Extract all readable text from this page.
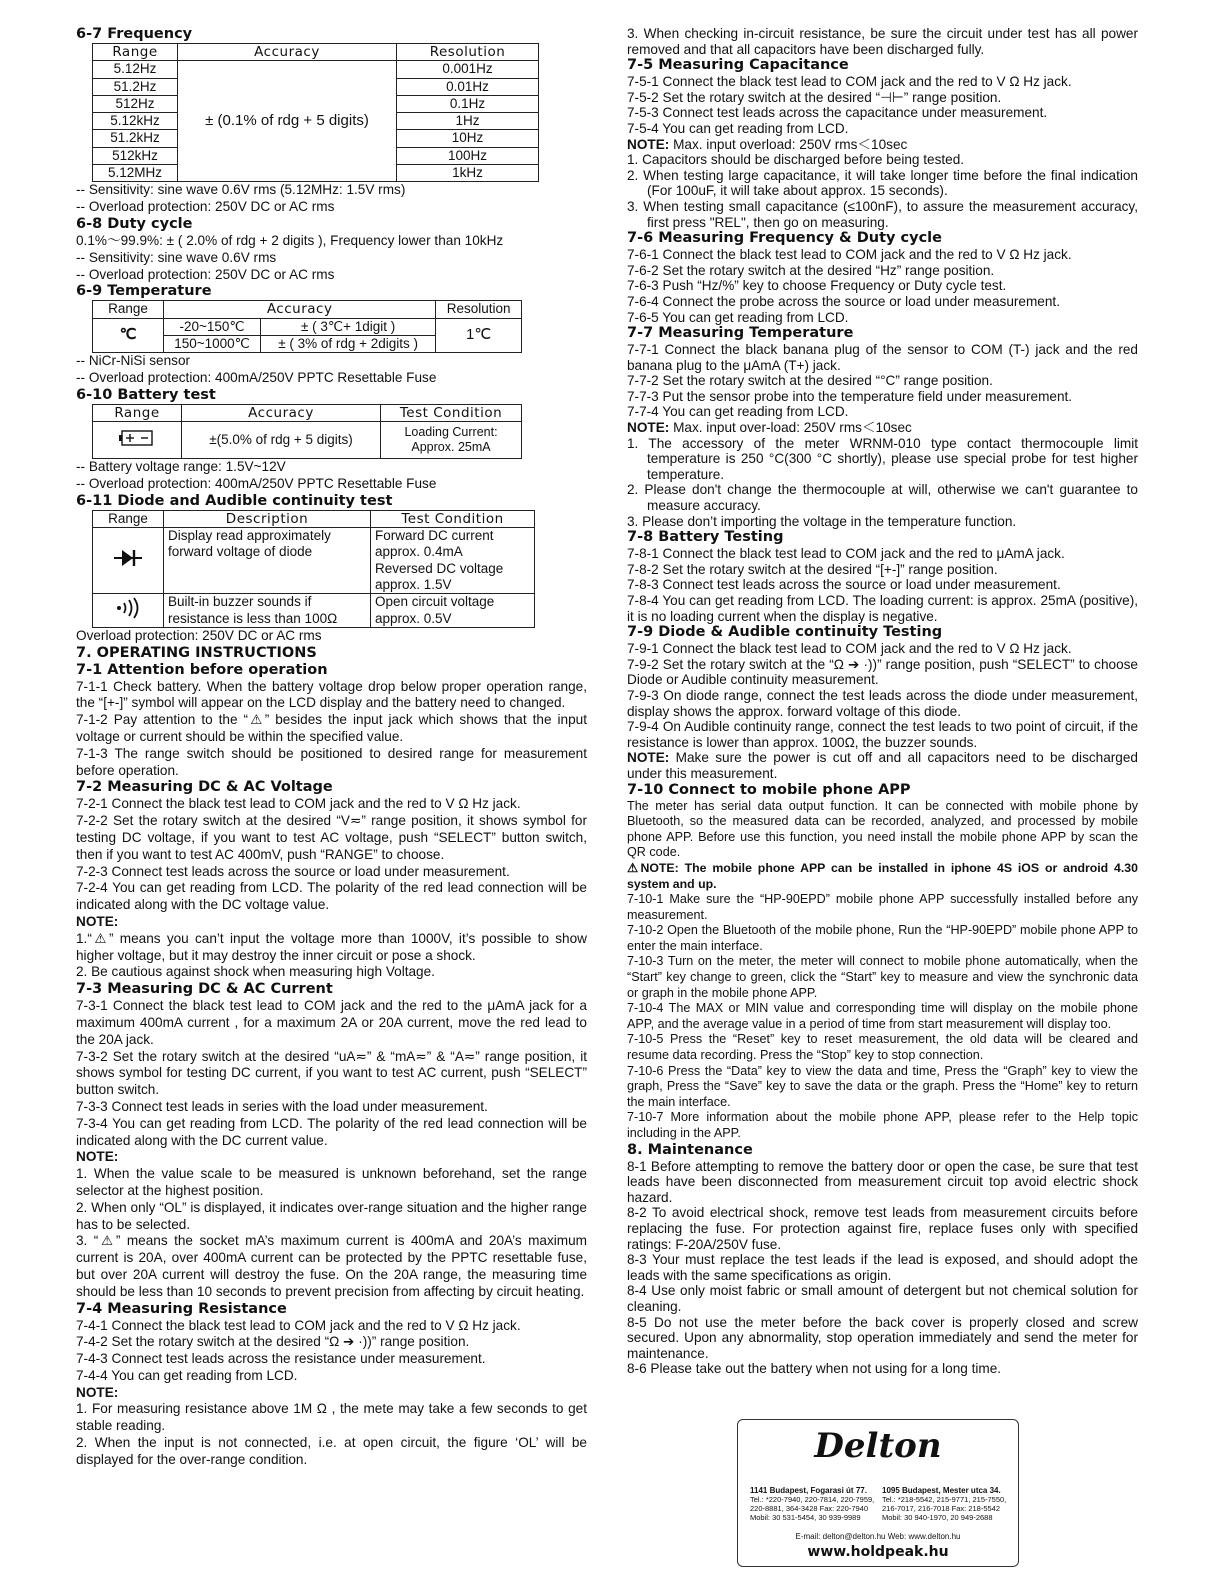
6-7 Frequency

Range	Accuracy	Resolution
5.12Hz	± (0.1% of rdg + 5 digits)	0.001Hz
51.2Hz		0.01Hz
512Hz		0.1Hz
5.12kHz		1Hz
51.2kHz		10Hz
512kHz		100Hz
5.12MHz		1kHz

-- Sensitivity: sine wave 0.6V rms (5.12MHz: 1.5V rms)

-- Overload protection: 250V DC or AC rms

6-8 Duty cycle

0.1%～99.9%: ± ( 2.0% of rdg + 2 digits ), Frequency lower than 10kHz

-- Sensitivity: sine wave 0.6V rms

-- Overload protection: 250V DC or AC rms

6-9 Temperature

Range	Accuracy		Resolution
℃	-20~150℃	± ( 3℃+ 1digit )	1℃
	150~1000℃	± ( 3% of rdg + 2digits )	

-- NiCr-NiSi sensor

-- Overload protection: 400mA/250V PPTC Resettable Fuse

6-10 Battery test

Range	Accuracy	Test Condition
	±(5.0% of rdg + 5 digits)	Loading Current:
Approx. 25mA

-- Battery voltage range: 1.5V~12V

-- Overload protection: 400mA/250V PPTC Resettable Fuse

6-11 Diode and Audible continuity test

Range	Description	Test Condition
	Display read approximately
forward voltage of diode	Forward DC current
approx. 0.4mA
Reversed DC voltage
approx. 1.5V
	Built-in buzzer sounds if
resistance is less than 100Ω	Open circuit voltage
approx. 0.5V

Overload protection: 250V DC or AC rms

7. OPERATING INSTRUCTIONS

7-1 Attention before operation

7-1-1 Check battery. When the battery voltage drop below proper operation range, the “[+-]” symbol will appear on the LCD display and the battery need to changed.

7-1-2 Pay attention to the “⚠” besides the input jack which shows that the input voltage or current should be within the specified value.

7-1-3 The range switch should be positioned to desired range for measurement before operation.

7-2 Measuring DC & AC Voltage

7-2-1 Connect the black test lead to COM jack and the red to V Ω Hz jack.

7-2-2 Set the rotary switch at the desired “V≂” range position, it shows symbol for testing DC voltage, if you want to test AC voltage, push “SELECT” button switch, then if you want to test AC 400mV, push “RANGE” to choose.

7-2-3 Connect test leads across the source or load under measurement.

7-2-4 You can get reading from LCD. The polarity of the red lead connection will be indicated along with the DC voltage value.

NOTE:

1.“⚠” means you can’t input the voltage more than 1000V, it’s possible to show higher voltage, but it may destroy the inner circuit or pose a shock.

2. Be cautious against shock when measuring high Voltage.

7-3 Measuring DC & AC Current

7-3-1 Connect the black test lead to COM jack and the red to the μAmA jack for a maximum 400mA current , for a maximum 2A or 20A current, move the red lead to the 20A jack.

7-3-2 Set the rotary switch at the desired “uA≂” & “mA≂” & “A≂” range position, it shows symbol for testing DC current, if you want to test AC current, push “SELECT” button switch.

7-3-3 Connect test leads in series with the load under measurement.

7-3-4 You can get reading from LCD. The polarity of the red lead connection will be indicated along with the DC current value.

NOTE:

1. When the value scale to be measured is unknown beforehand, set the range selector at the highest position.

2. When only “OL” is displayed, it indicates over-range situation and the higher range has to be selected.

3. “⚠” means the socket mA’s maximum current is 400mA and 20A’s maximum current is 20A, over 400mA current can be protected by the PPTC resettable fuse, but over 20A current will destroy the fuse. On the 20A range, the measuring time should be less than 10 seconds to prevent precision from affecting by circuit heating.

7-4 Measuring Resistance

7-4-1 Connect the black test lead to COM jack and the red to V Ω Hz jack.

7-4-2 Set the rotary switch at the desired “Ω ➔ ·))” range position.

7-4-3 Connect test leads across the resistance under measurement.

7-4-4 You can get reading from LCD.

NOTE:

1. For measuring resistance above 1M Ω , the mete may take a few seconds to get stable reading.

2. When the input is not connected, i.e. at open circuit, the figure ‘OL’ will be displayed for the over-range condition.

3. When checking in-circuit resistance, be sure the circuit under test has all power removed and that all capacitors have been discharged fully.

7-5 Measuring Capacitance

7-5-1 Connect the black test lead to COM jack and the red to V Ω Hz jack.

7-5-2 Set the rotary switch at the desired “⊣⊢” range position.

7-5-3 Connect test leads across the capacitance under measurement.

7-5-4 You can get reading from LCD.

NOTE: Max. input overload: 250V rms＜10sec

1. Capacitors should be discharged before being tested.

2. When testing large capacitance, it will take longer time before the final indication (For 100uF, it will take about approx. 15 seconds).

3. When testing small capacitance (≤100nF), to assure the measurement accuracy, first press "REL", then go on measuring.

7-6 Measuring Frequency & Duty cycle

7-6-1 Connect the black test lead to COM jack and the red to V Ω Hz jack.

7-6-2 Set the rotary switch at the desired “Hz” range position.

7-6-3 Push “Hz/%” key to choose Frequency or Duty cycle test.

7-6-4 Connect the probe across the source or load under measurement.

7-6-5 You can get reading from LCD.

7-7 Measuring Temperature

7-7-1 Connect the black banana plug of the sensor to COM (T-) jack and the red banana plug to the μAmA (T+) jack.

7-7-2 Set the rotary switch at the desired “°C” range position.

7-7-3 Put the sensor probe into the temperature field under measurement.

7-7-4 You can get reading from LCD.

NOTE: Max. input over-load: 250V rms＜10sec

1. The accessory of the meter WRNM-010 type contact thermocouple limit temperature is 250 °C(300 °C shortly), please use special probe for test higher temperature.

2. Please don't change the thermocouple at will, otherwise we can't guarantee to measure accuracy.

3. Please don’t importing the voltage in the temperature function.

7-8 Battery Testing

7-8-1 Connect the black test lead to COM jack and the red to μAmA jack.

7-8-2 Set the rotary switch at the desired “[+-]” range position.

7-8-3 Connect test leads across the source or load under measurement.

7-8-4 You can get reading from LCD. The loading current: is approx. 25mA (positive), it is no loading current when the display is negative.

7-9 Diode & Audible continuity Testing

7-9-1 Connect the black test lead to COM jack and the red to V Ω Hz jack.

7-9-2 Set the rotary switch at the “Ω ➔ ·))” range position, push “SELECT” to choose Diode or Audible continuity measurement.

7-9-3 On diode range, connect the test leads across the diode under measurement, display shows the approx. forward voltage of this diode.

7-9-4 On Audible continuity range, connect the test leads to two point of circuit, if the resistance is lower than approx. 100Ω, the buzzer sounds.

NOTE: Make sure the power is cut off and all capacitors need to be discharged under this measurement.

7-10 Connect to mobile phone APP

The meter has serial data output function. It can be connected with mobile phone by Bluetooth, so the measured data can be recorded, analyzed, and processed by mobile phone APP. Before use this function, you need install the mobile phone APP by scan the QR code.

⚠NOTE: The mobile phone APP can be installed in iphone 4S iOS or android 4.30 system and up.

7-10-1 Make sure the “HP-90EPD” mobile phone APP successfully installed before any measurement.

7-10-2 Open the Bluetooth of the mobile phone, Run the “HP-90EPD” mobile phone APP to enter the main interface.

7-10-3 Turn on the meter, the meter will connect to mobile phone automatically, when the “Start” key change to green, click the “Start” key to measure and view the synchronic data or graph in the mobile phone APP.

7-10-4 The MAX or MIN value and corresponding time will display on the mobile phone APP, and the average value in a period of time from start measurement will display too.

7-10-5 Press the “Reset” key to reset measurement, the old data will be cleared and resume data recording. Press the “Stop” key to stop connection.

7-10-6 Press the “Data” key to view the data and time, Press the “Graph” key to view the graph, Press the “Save” key to save the data or the graph. Press the “Home” key to return the main interface.

7-10-7 More information about the mobile phone APP, please refer to the Help topic including in the APP.

8. Maintenance

8-1 Before attempting to remove the battery door or open the case, be sure that test leads have been disconnected from measurement circuit top avoid electric shock hazard.

8-2 To avoid electrical shock, remove test leads from measurement circuits before replacing the fuse. For protection against fire, replace fuses only with specified ratings: F-20A/250V fuse.

8-3 Your must replace the test leads if the lead is exposed, and should adopt the leads with the same specifications as origin.

8-4 Use only moist fabric or small amount of detergent but not chemical solution for cleaning.

8-5 Do not use the meter before the back cover is properly closed and screw secured. Upon any abnormality, stop operation immediately and send the meter for maintenance.

8-6 Please take out the battery when not using for a long time.

Delton
1141 Budapest, Fogarasi út 77.
Tel.: *220-7940, 220-7814, 220-7959,
220-8881, 364-3428 Fax: 220-7940
Mobil: 30 531-5454, 30 939-9989
1095 Budapest, Mester utca 34.
Tel.: *218-5542, 215-9771, 215-7550,
216-7017, 216-7018 Fax: 218-5542
Mobil: 30 940-1970, 20 949-2688
E-mail: delton@delton.hu Web: www.delton.hu
www.holdpeak.hu
